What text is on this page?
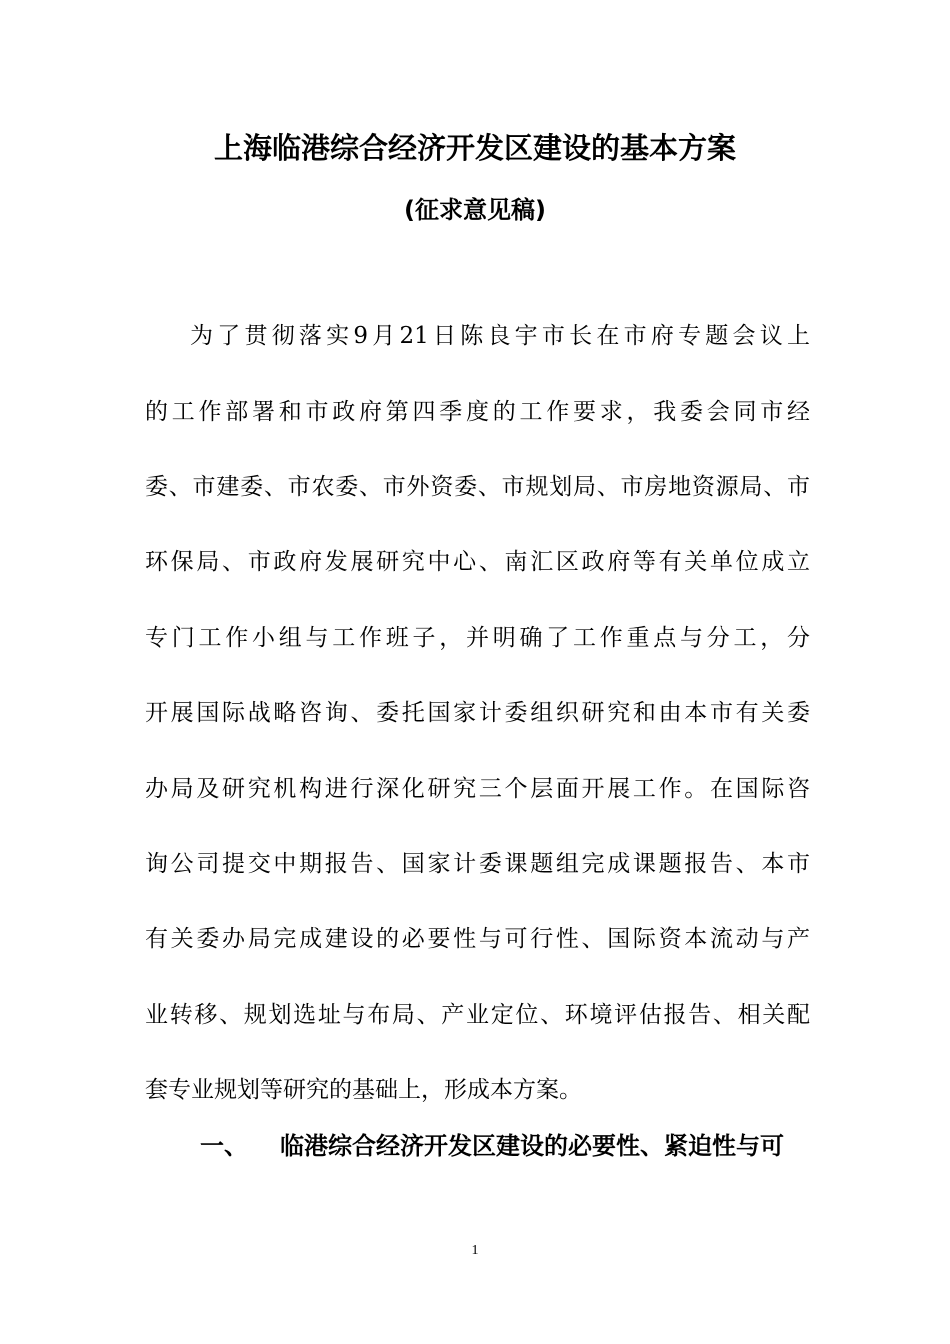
上海临港综合经济开发区建设的基本方案
(征求意见稿)
为了贯彻落实9月21日陈良宇市长在市府专题会议上
的工作部署和市政府第四季度的工作要求，我委会同市经
委、市建委、市农委、市外资委、市规划局、市房地资源局、市
环保局、市政府发展研究中心、南汇区政府等有关单位成立
专门工作小组与工作班子，并明确了工作重点与分工，分
开展国际战略咨询、委托国家计委组织研究和由本市有关委
办局及研究机构进行深化研究三个层面开展工作。在国际咨
询公司提交中期报告、国家计委课题组完成课题报告、本市
有关委办局完成建设的必要性与可行性、国际资本流动与产
业转移、规划选址与布局、产业定位、环境评估报告、相关配
套专业规划等研究的基础上，形成本方案。
一、 临港综合经济开发区建设的必要性、紧迫性与可
1
